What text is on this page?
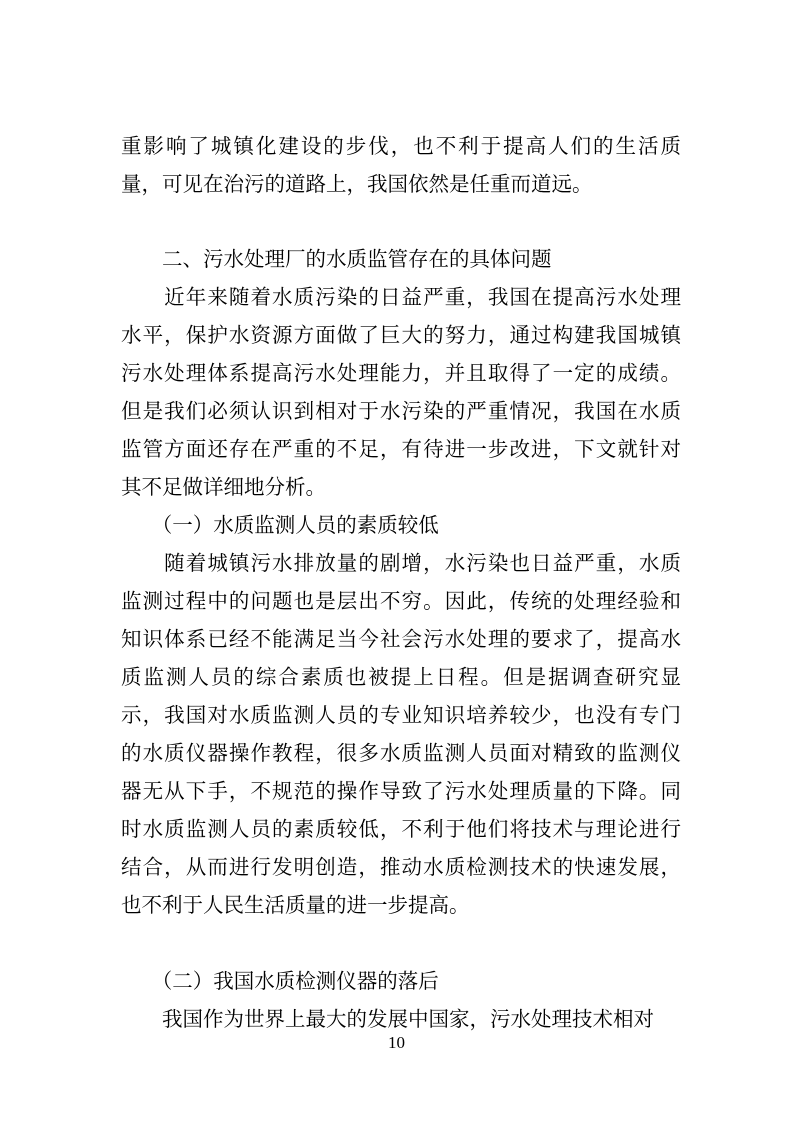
重影响了城镇化建设的步伐，也不利于提高人们的生活质
量，可见在治污的道路上，我国依然是任重而道远。
　　二、污水处理厂的水质监管存在的具体问题
　　近年来随着水质污染的日益严重，我国在提高污水处理
水平，保护水资源方面做了巨大的努力，通过构建我国城镇
污水处理体系提高污水处理能力，并且取得了一定的成绩。
但是我们必须认识到相对于水污染的严重情况，我国在水质
监管方面还存在严重的不足，有待进一步改进，下文就针对
其不足做详细地分析。
　　（一）水质监测人员的素质较低
　　随着城镇污水排放量的剧增，水污染也日益严重，水质
监测过程中的问题也是层出不穷。因此，传统的处理经验和
知识体系已经不能满足当今社会污水处理的要求了，提高水
质监测人员的综合素质也被提上日程。但是据调查研究显
示，我国对水质监测人员的专业知识培养较少，也没有专门
的水质仪器操作教程，很多水质监测人员面对精致的监测仪
器无从下手，不规范的操作导致了污水处理质量的下降。同
时水质监测人员的素质较低，不利于他们将技术与理论进行
结合，从而进行发明创造，推动水质检测技术的快速发展，
也不利于人民生活质量的进一步提高。
　　（二）我国水质检测仪器的落后
　　我国作为世界上最大的发展中国家，污水处理技术相对
10
